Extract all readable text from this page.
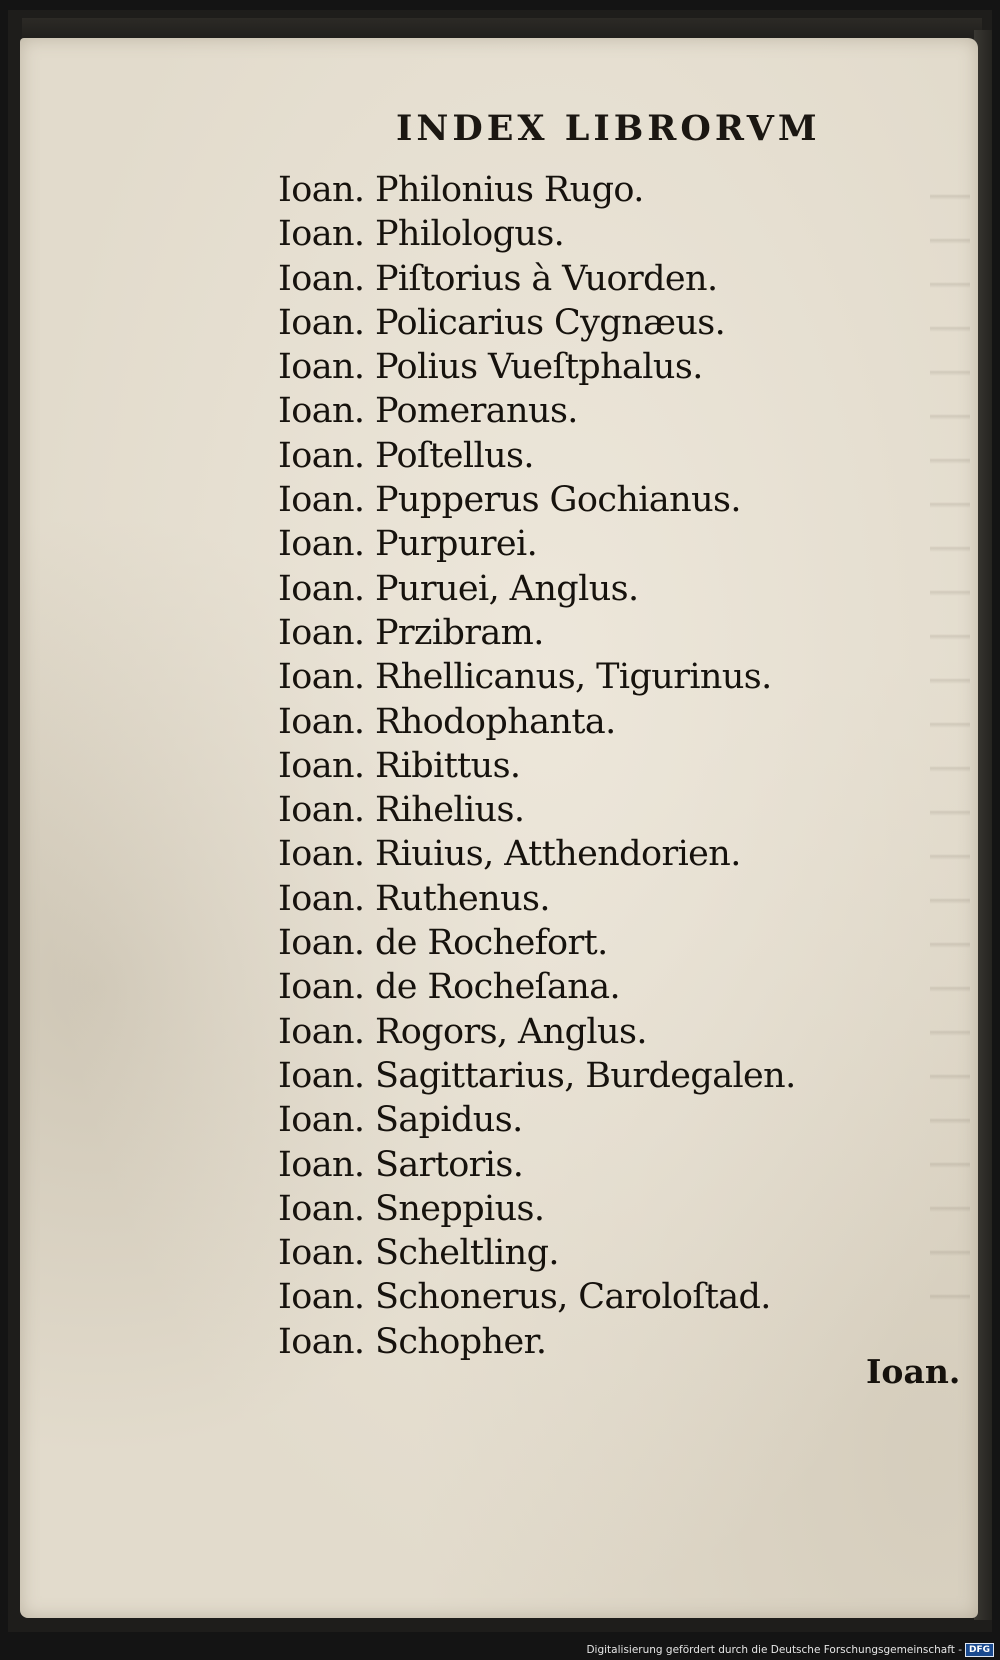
INDEX LIBRORVM
Ioan. Philonius Rugo.
Ioan. Philologus.
Ioan. Piſtorius à Vuorden.
Ioan. Policarius Cygnæus.
Ioan. Polius Vueſtphalus.
Ioan. Pomeranus.
Ioan. Poſtellus.
Ioan. Pupperus Gochianus.
Ioan. Purpurei.
Ioan. Puruei, Anglus.
Ioan. Przibram.
Ioan. Rhellicanus, Tigurinus.
Ioan. Rhodophanta.
Ioan. Ribittus.
Ioan. Rihelius.
Ioan. Riuius, Atthendorien.
Ioan. Ruthenus.
Ioan. de Rochefort.
Ioan. de Rocheſana.
Ioan. Rogors, Anglus.
Ioan. Sagittarius, Burdegalen.
Ioan. Sapidus.
Ioan. Sartoris.
Ioan. Sneppius.
Ioan. Scheltling.
Ioan. Schonerus, Caroloſtad.
Ioan. Schopher.
Ioan.
Digitalisierung gefördert durch die Deutsche Forschungsgemeinschaft - DFG
